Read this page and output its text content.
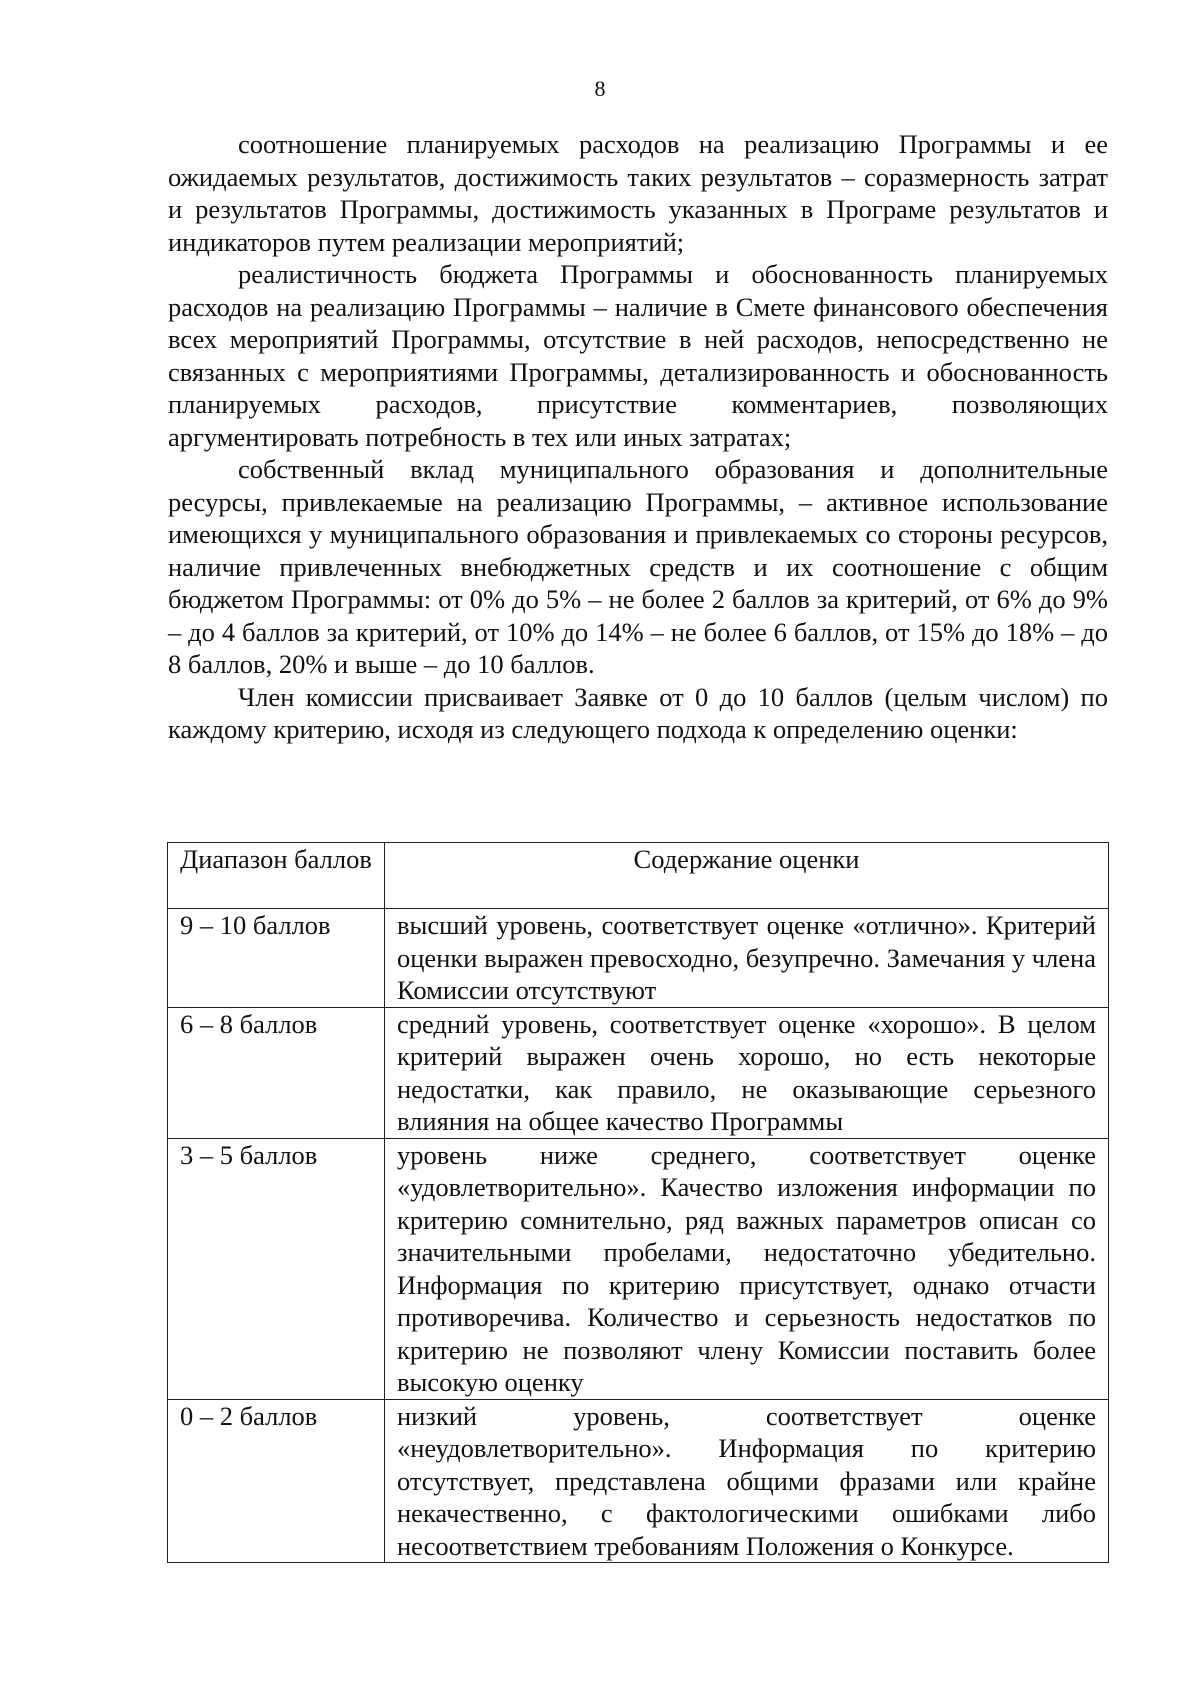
8

соотношение планируемых расходов на реализацию Программы и ее ожидаемых результатов, достижимость таких результатов – соразмерность затрат и результатов Программы, достижимость указанных в Програме результатов и индикаторов путем реализации мероприятий;

реалистичность бюджета Программы и обоснованность планируемых расходов на реализацию Программы – наличие в Смете финансового обеспечения всех мероприятий Программы, отсутствие в ней расходов, непосредственно не связанных с мероприятиями Программы, детализированность и обоснованность планируемых расходов, присутствие комментариев, позволяющих аргументировать потребность в тех или иных затратах;

собственный вклад муниципального образования и дополнительные ресурсы, привлекаемые на реализацию Программы, – активное использование имеющихся у муниципального образования и привлекаемых со стороны ресурсов, наличие привлеченных внебюджетных средств и их соотношение с общим бюджетом Программы: от 0% до 5% – не более 2 баллов за критерий, от 6% до 9% – до 4 баллов за критерий, от 10% до 14% – не более 6 баллов, от 15% до 18% – до 8 баллов, 20% и выше – до 10 баллов.

Член комиссии присваивает Заявке от 0 до 10 баллов (целым числом) по каждому критерию, исходя из следующего подхода к определению оценки:

Диапазон баллов	Содержание оценки
9 – 10 баллов	высший уровень, соответствует оценке «отлично». Критерий оценки выражен превосходно, безупречно. Замечания у члена Комиссии отсутствуют
6 – 8 баллов	средний уровень, соответствует оценке «хорошо». В целом критерий выражен очень хорошо, но есть некоторые недостатки, как правило, не оказывающие серьезного влияния на общее качество Программы
3 – 5 баллов	уровень ниже среднего, соответствует оценке «удовлетворительно». Качество изложения информации по критерию сомнительно, ряд важных параметров описан со значительными пробелами, недостаточно убедительно. Информация по критерию присутствует, однако отчасти противоречива. Количество и серьезность недостатков по критерию не позволяют члену Комиссии поставить более высокую оценку
0 – 2 баллов	низкий уровень, соответствует оценке «неудовлетворительно». Информация по критерию отсутствует, представлена общими фразами или крайне некачественно, с фактологическими ошибками либо несоответствием требованиям Положения о Конкурсе.
